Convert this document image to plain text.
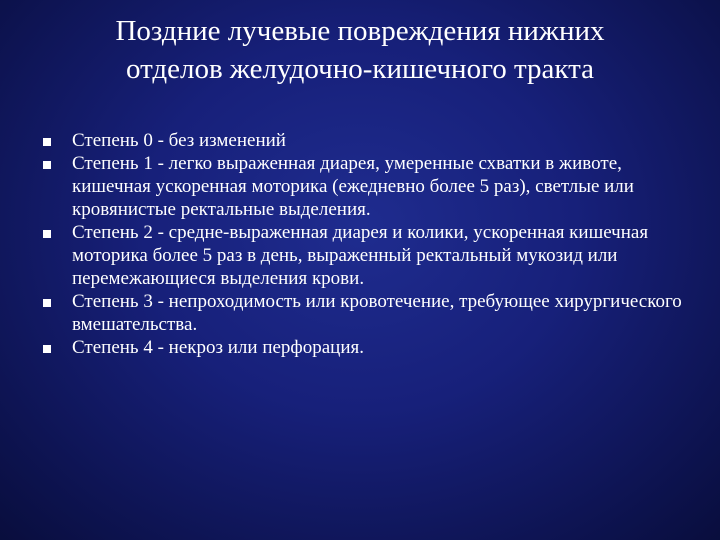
Поздние лучевые повреждения нижних
отделов желудочно-кишечного тракта
Степень 0 - без изменений
Степень 1 - легко выраженная диарея, умеренные схватки в животе, кишечная ускоренная моторика (ежедневно более 5 раз), светлые или кровянистые ректальные выделения.
Степень 2 - средне-выраженная диарея и колики, ускоренная кишечная моторика более 5 раз в день, выраженный ректальный мукозид или перемежающиеся выделения крови.
Степень 3 - непроходимость или кровотечение, требующее хирургического вмешательства.
Степень 4 - некроз или перфорация.
